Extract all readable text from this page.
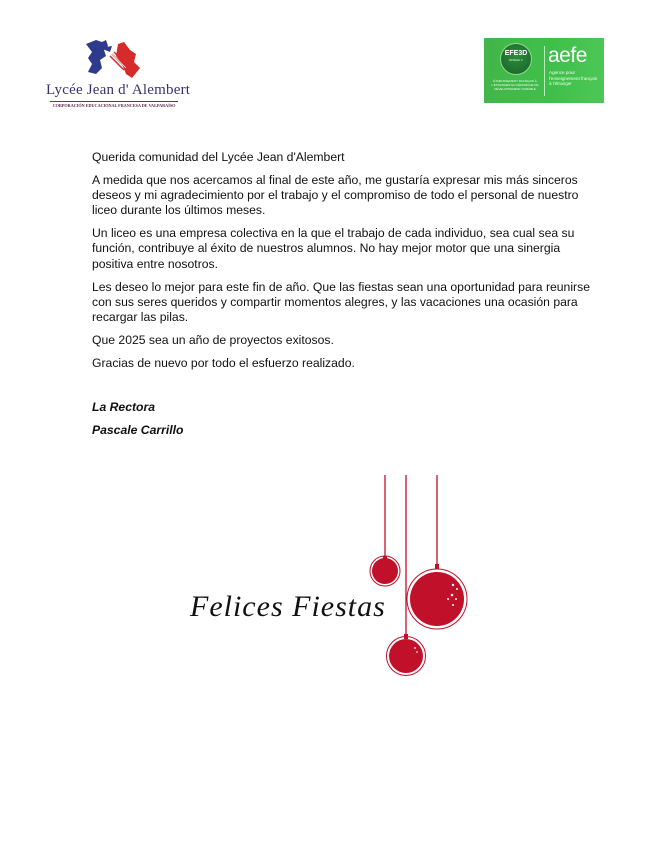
Lycée Jean d' Alembert
CORPORACIÓN EDUCACIONAL FRANCESA DE VALPARAÍSO
EFE3D
NIVEAU 1
ÉTABLISSEMENT FRANÇAIS À L'ÉTRANGER EN DÉMARCHE DE DÉVELOPPEMENT DURABLE
aefe
Agence pour
l'enseignement français
à l'étranger

Querida comunidad del Lycée Jean d'Alembert

A medida que nos acercamos al final de este año, me gustaría expresar mis más sinceros deseos y mi agradecimiento por el trabajo y el compromiso de todo el personal de nuestro liceo durante los últimos meses.

Un liceo es una empresa colectiva en la que el trabajo de cada individuo, sea cual sea su función, contribuye al éxito de nuestros alumnos. No hay mejor motor que una sinergia positiva entre nosotros.

Les deseo lo mejor para este fin de año. Que las fiestas sean una oportunidad para reunirse con sus seres queridos y compartir momentos alegres, y las vacaciones una ocasión para recargar las pilas.

Que 2025 sea un año de proyectos exitosos.

Gracias de nuevo por todo el esfuerzo realizado.

La Rectora
Pascale Carrillo
Felices Fiestas
